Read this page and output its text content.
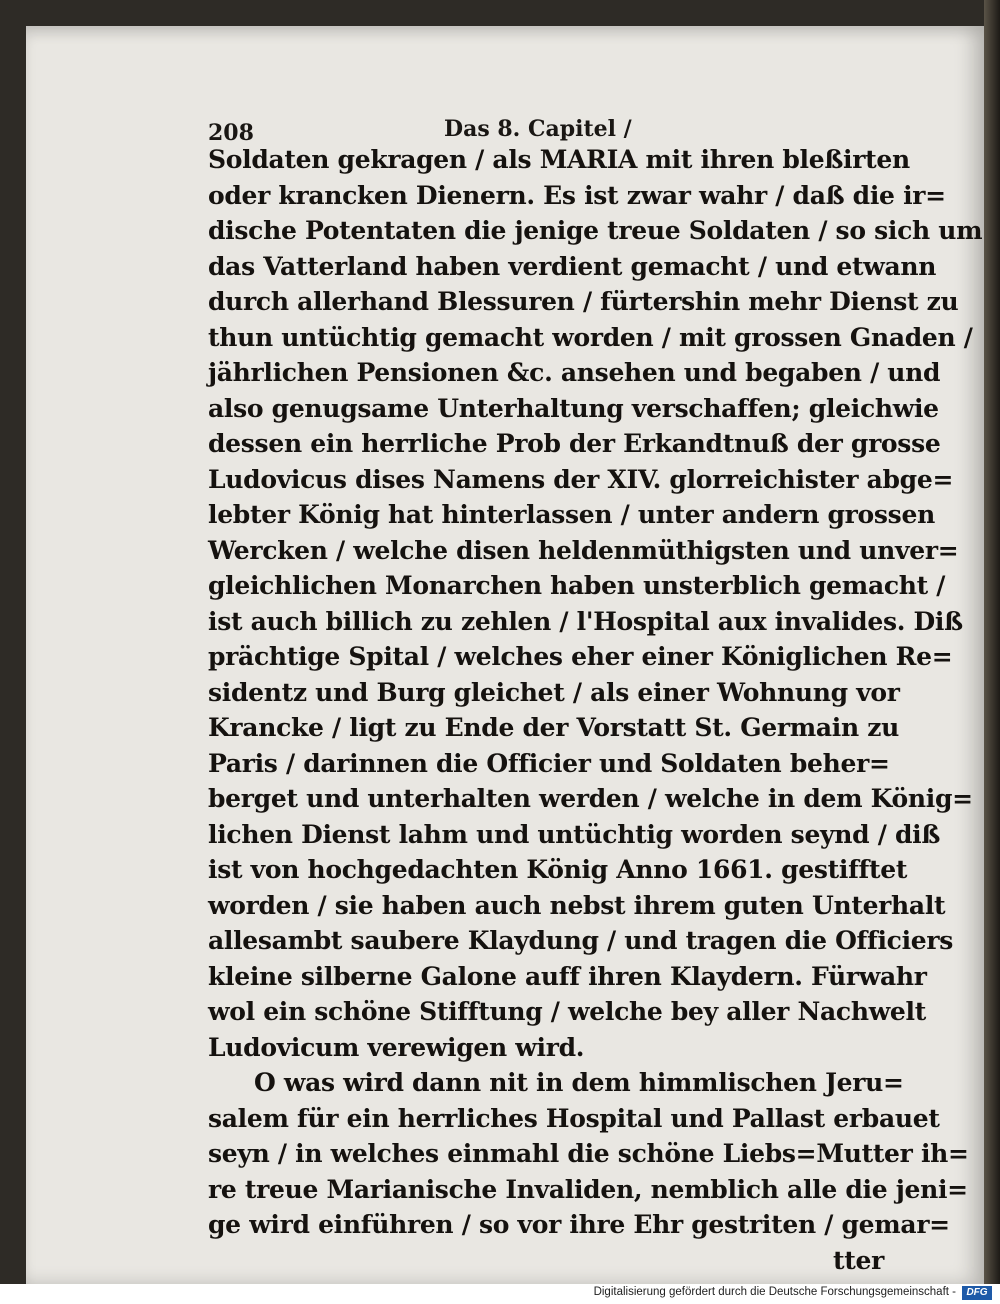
208	Das 8. Capitel /
Soldaten gekragen / als MARIA mit ihren bleßirten
oder krancken Dienern. Es ist zwar wahr / daß die ir=
dische Potentaten die jenige treue Soldaten / so sich um
das Vatterland haben verdient gemacht / und etwann
durch allerhand Blessuren / fürtershin mehr Dienst zu
thun untüchtig gemacht worden / mit grossen Gnaden /
jährlichen Pensionen &c. ansehen und begaben / und
also genugsame Unterhaltung verschaffen; gleichwie
dessen ein herrliche Prob der Erkandtnuß der grosse
Ludovicus dises Namens der XIV. glorreichister abge=
lebter König hat hinterlassen / unter andern grossen
Wercken / welche disen heldenmüthigsten und unver=
gleichlichen Monarchen haben unsterblich gemacht /
ist auch billich zu zehlen / l'Hospital aux invalides. Diß
prächtige Spital / welches eher einer Königlichen Re=
sidentz und Burg gleichet / als einer Wohnung vor
Krancke / ligt zu Ende der Vorstatt St. Germain zu
Paris / darinnen die Officier und Soldaten beher=
berget und unterhalten werden / welche in dem König=
lichen Dienst lahm und untüchtig worden seynd / diß
ist von hochgedachten König Anno 1661. gestifftet
worden / sie haben auch nebst ihrem guten Unterhalt
allesambt saubere Klaydung / und tragen die Officiers
kleine silberne Galone auff ihren Klaydern. Fürwahr
wol ein schöne Stifftung / welche bey aller Nachwelt
Ludovicum verewigen wird.
O was wird dann nit in dem himmlischen Jeru=
salem für ein herrliches Hospital und Pallast erbauet
seyn / in welches einmahl die schöne Liebs=Mutter ih=
re treue Marianische Invaliden, nemblich alle die jeni=
ge wird einführen / so vor ihre Ehr gestriten / gemar=
tter
Digitalisierung gefördert durch die Deutsche Forschungsgemeinschaft -	DFG
